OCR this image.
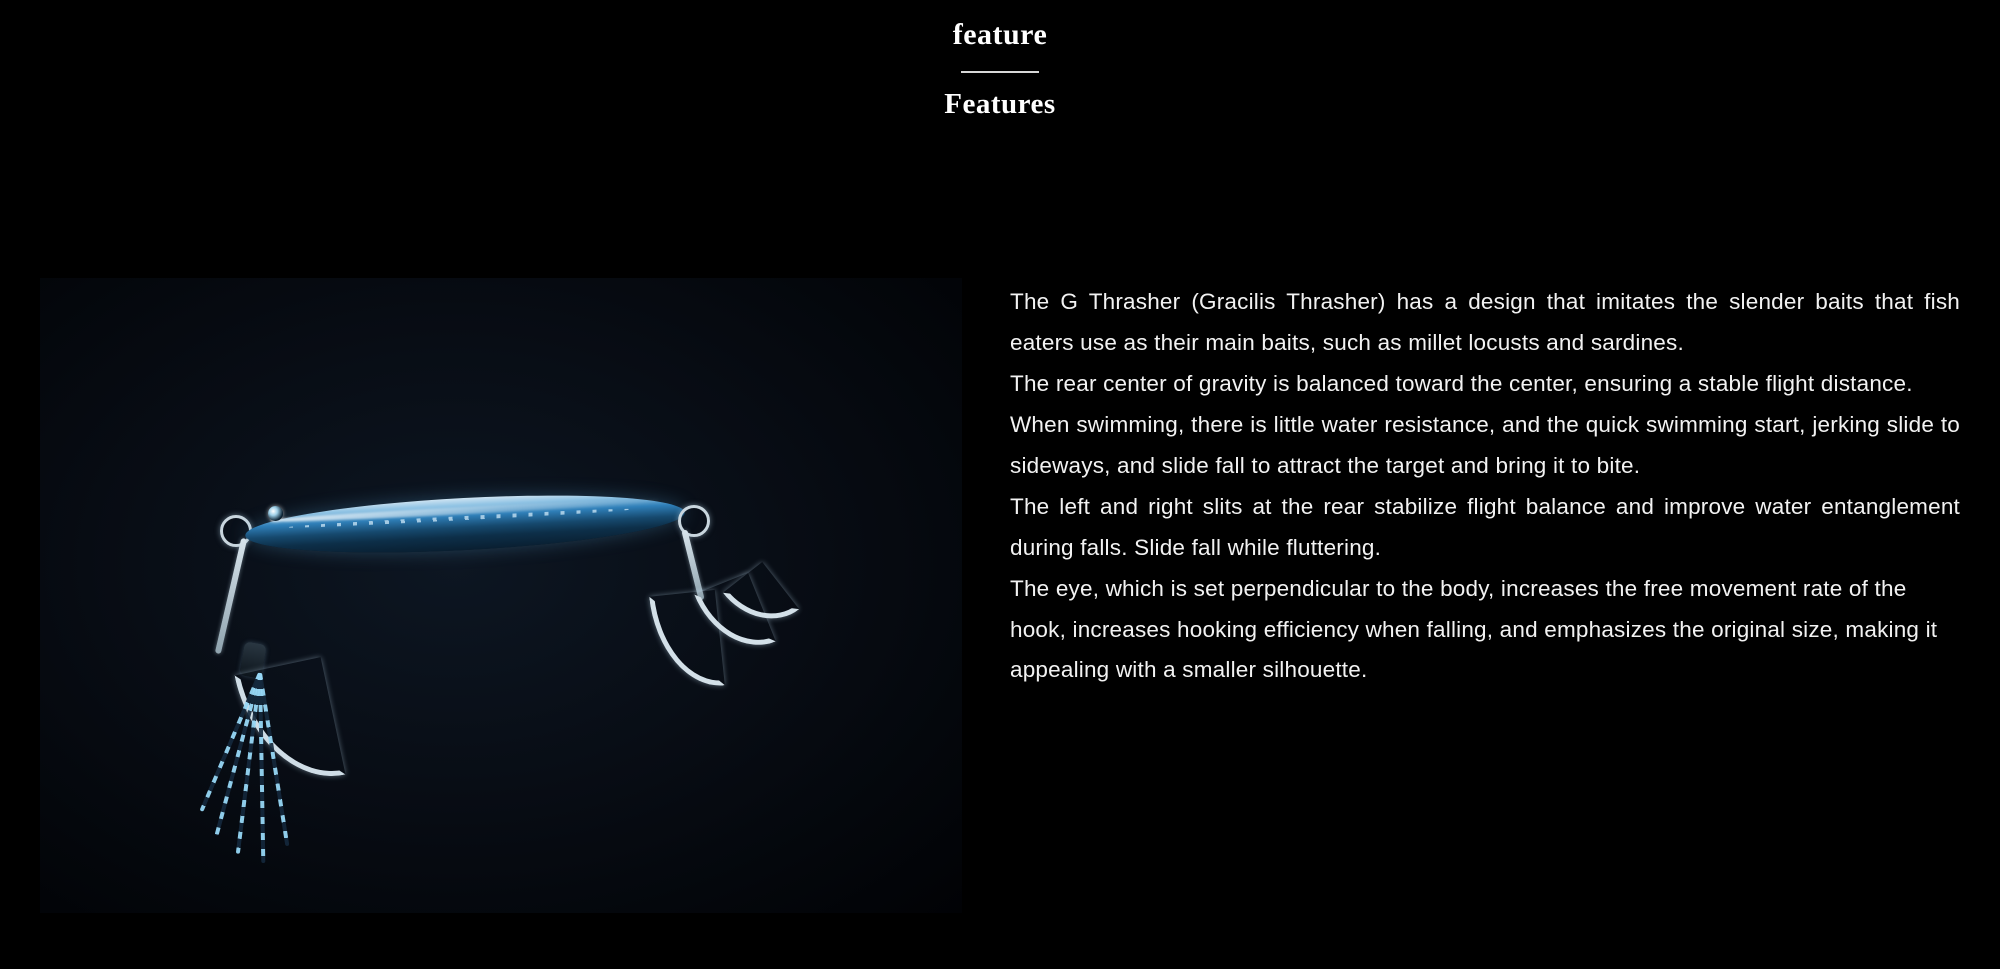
feature
Features

The G Thrasher (Gracilis Thrasher) has a design that imitates the slender baits that fish eaters use as their main baits, such as millet locusts and sardines.

The rear center of gravity is balanced toward the center, ensuring a stable flight distance.

When swimming, there is little water resistance, and the quick swimming start, jerking slide to sideways, and slide fall to attract the target and bring it to bite.

The left and right slits at the rear stabilize flight balance and improve water entanglement during falls. Slide fall while fluttering.

The eye, which is set perpendicular to the body, increases the free movement rate of the hook, increases hooking efficiency when falling, and emphasizes the original size, making it appealing with a smaller silhouette.
